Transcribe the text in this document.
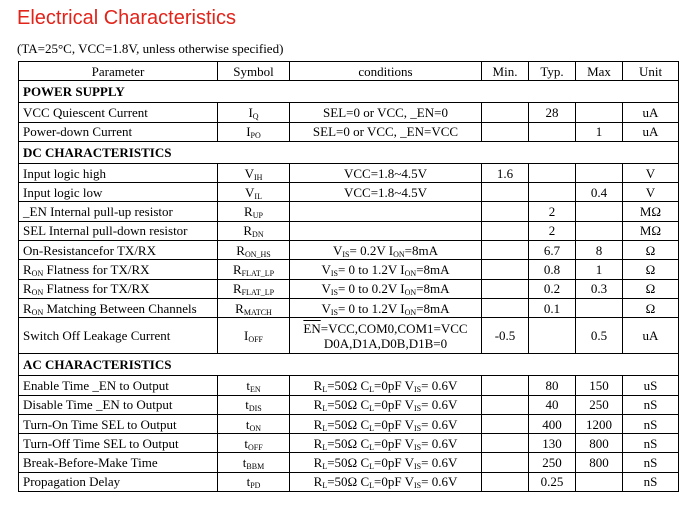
Electrical Characteristics
(TA=25°C, VCC=1.8V, unless otherwise specified)
Parameter	Symbol	conditions	Min.	Typ.	Max	Unit
POWER SUPPLY						
VCC Quiescent Current	$I_Q$	SEL=0 or VCC, _EN=0		28		uA
Power-down Current	$I_{PO}$	SEL=0 or VCC, _EN=VCC			1	uA
DC CHARACTERISTICS						
Input logic high	$V_{IH}$	VCC=1.8~4.5V	1.6			V
Input logic low	$V_{IL}$	VCC=1.8~4.5V			0.4	V
_EN Internal pull-up resistor	$R_{UP}$			2		MΩ
SEL Internal pull-down resistor	$R_{DN}$			2		MΩ
On-Resistancefor TX/RX	$R_{ON\_HS}$	$V_{IS}= 0.2V$ $I_{ON}=8mA$		6.7	8	Ω
$R_{ON}$ Flatness for TX/RX	$R_{FLAT\_LP}$	$V_{IS}= 0$ to 1.2V $I_{ON}=8mA$		0.8	1	Ω
$R_{ON}$ Flatness for TX/RX	$R_{FLAT\_LP}$	$V_{IS}= 0$ to 0.2V $I_{ON}=8mA$		0.2	0.3	Ω
$R_{ON}$ Matching Between Channels	$R_{MATCH}$	$V_{IS}= 0$ to 1.2V $I_{ON}=8mA$		0.1		Ω
Switch Off Leakage Current	$I_{OFF}$	$\overline{EN}=VCC,COM0,COM1=VCC$
D0A,D1A,D0B,D1B=0	-0.5		0.5	uA
AC CHARACTERISTICS						
Enable Time _EN to Output	$t_{EN}$	$R_L=50\Omega$ $C_L=0pF$ $V_{IS}= 0.6V$		80	150	uS
Disable Time _EN to Output	$t_{DIS}$	$R_L=50\Omega$ $C_L=0pF$ $V_{IS}= 0.6V$		40	250	nS
Turn-On Time SEL to Output	$t_{ON}$	$R_L=50\Omega$ $C_L=0pF$ $V_{IS}= 0.6V$		400	1200	nS
Turn-Off Time SEL to Output	$t_{OFF}$	$R_L=50\Omega$ $C_L=0pF$ $V_{IS}= 0.6V$		130	800	nS
Break-Before-Make Time	$t_{BBM}$	$R_L=50\Omega$ $C_L=0pF$ $V_{IS}= 0.6V$		250	800	nS
Propagation Delay	$t_{PD}$	$R_L=50\Omega$ $C_L=0pF$ $V_{IS}= 0.6V$		0.25		nS
